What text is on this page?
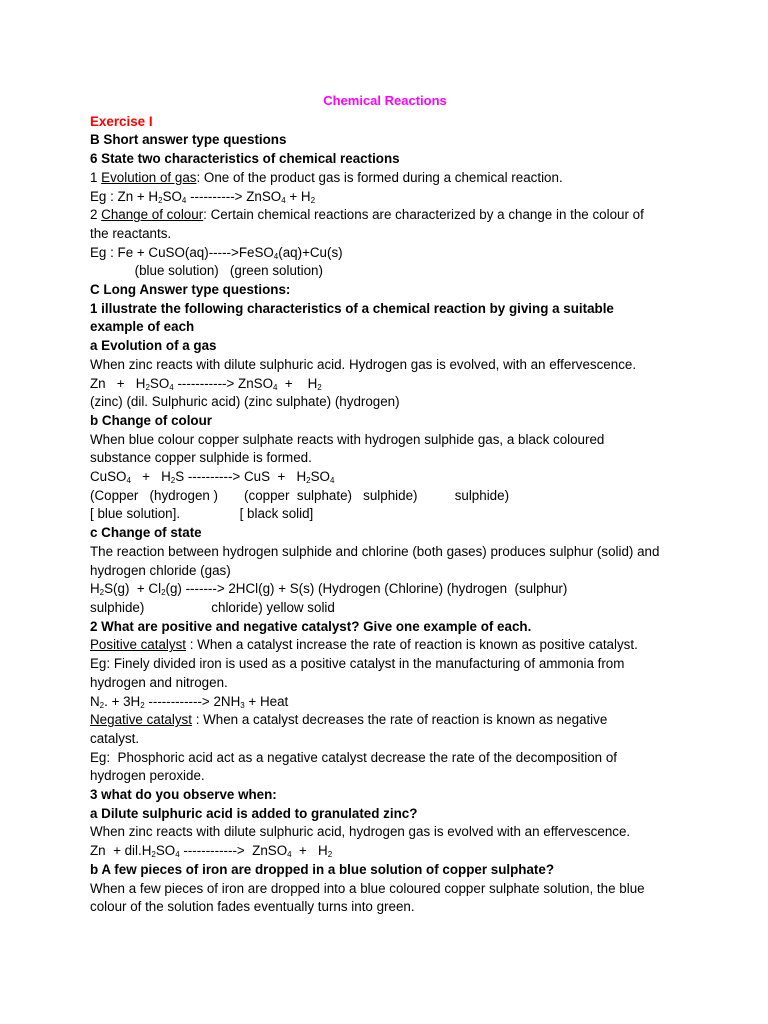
Chemical Reactions
Exercise I
B Short answer type questions
6 State two characteristics of chemical reactions
1 Evolution of gas: One of the product gas is formed during a chemical reaction.
Eg : $Zn + H_2SO_4$ ----------> ZnSO$_4$ + $H_2$
2 Change of colour: Certain chemical reactions are characterized by a change in the colour of
the reactants.
Eg : Fe + CuSO(aq)----->FeSO$_4$(aq)+Cu(s)
(blue solution)   (green solution)
C Long Answer type questions:
1 illustrate the following characteristics of a chemical reaction by giving a suitable
example of each
a Evolution of a gas
When zinc reacts with dilute sulphuric acid. Hydrogen gas is evolved, with an effervescence.
$Zn + H_2SO_4$ -----------> ZnSO$_4$  +    $H_2$
(zinc) (dil. Sulphuric acid) (zinc sulphate) (hydrogen)
b Change of colour
When blue colour copper sulphate reacts with hydrogen sulphide gas, a black coloured
substance copper sulphide is formed.
CuSO$_4$   +   $H_2S$ ----------> CuS  +   $H_2SO_4$
(Copper   (hydrogen )       (copper  sulphate)   sulphide)          sulphide)
[ blue solution].                [ black solid]
c Change of state
The reaction between hydrogen sulphide and chlorine (both gases) produces sulphur (solid) and
hydrogen chloride (gas)
$H_2S(g) + Cl_2(g)$ -------> 2HCl(g) + S(s) (Hydrogen (Chlorine) (hydrogen  (sulphur)
sulphide)                  chloride) yellow solid
2 What are positive and negative catalyst? Give one example of each.
Positive catalyst : When a catalyst increase the rate of reaction is known as positive catalyst.
Eg: Finely divided iron is used as a positive catalyst in the manufacturing of ammonia from
hydrogen and nitrogen.
$N_2$. + $3H_2$ ------------> $2NH_3$ + Heat
Negative catalyst : When a catalyst decreases the rate of reaction is known as negative
catalyst.
Eg:  Phosphoric acid act as a negative catalyst decrease the rate of the decomposition of
hydrogen peroxide.
3 what do you observe when:
a Dilute sulphuric acid is added to granulated zinc?
When zinc reacts with dilute sulphuric acid, hydrogen gas is evolved with an effervescence.
$Zn + dil.H_2SO_4$ ------------>  ZnSO$_4$  +   $H_2$
b A few pieces of iron are dropped in a blue solution of copper sulphate?
When a few pieces of iron are dropped into a blue coloured copper sulphate solution, the blue
colour of the solution fades eventually turns into green.
